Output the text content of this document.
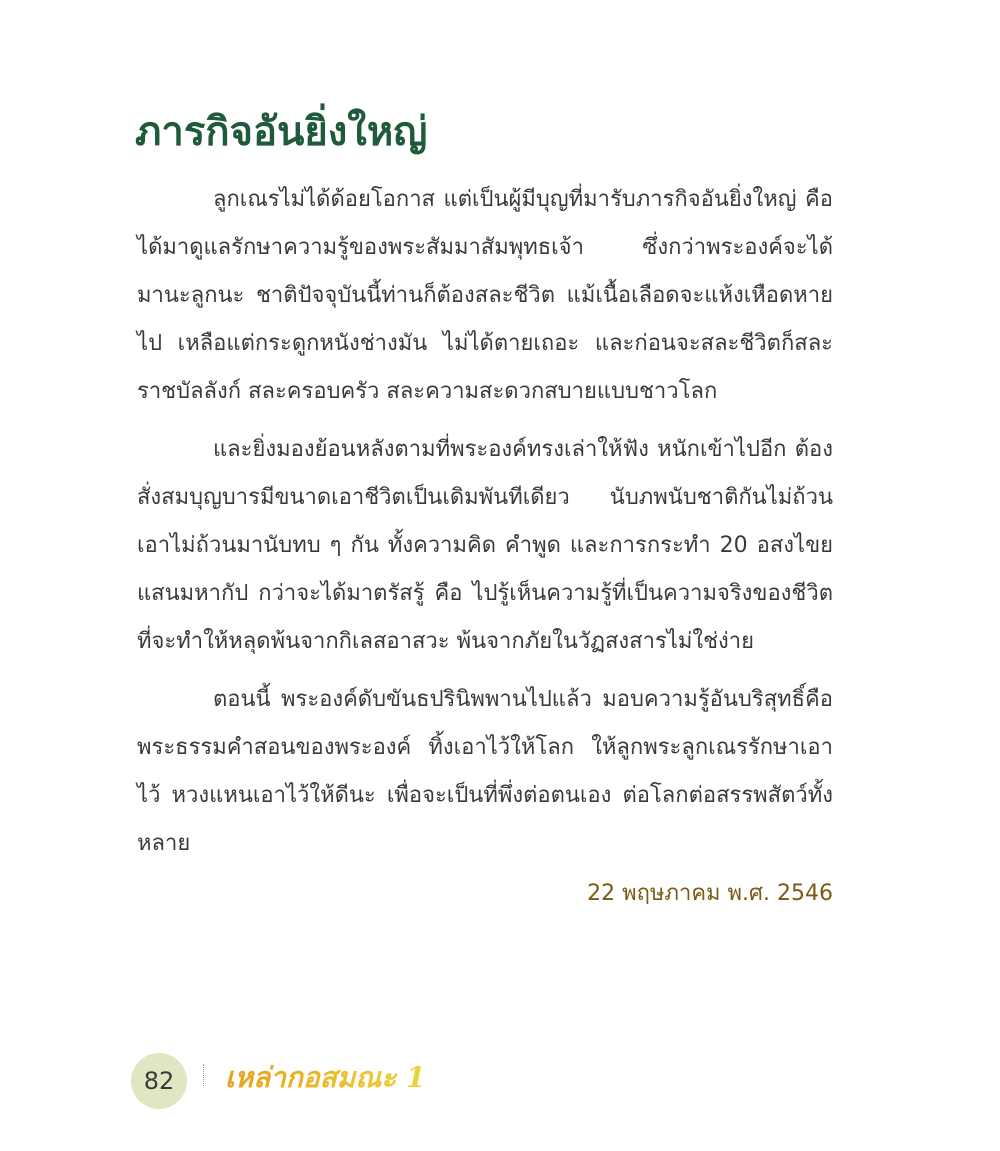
ภารกิจอันยิ่งใหญ่

ลูกเณรไม่ได้ด้อยโอกาส แต่เป็นผู้มีบุญที่มารับภารกิจอันยิ่งใหญ่ คือ ได้มาดูแลรักษาความรู้ของพระสัมมาสัมพุทธเจ้า ซึ่งกว่าพระองค์จะได้มานะลูกนะ ชาติปัจจุบันนี้ท่านก็ต้องสละชีวิต แม้เนื้อเลือดจะแห้งเหือดหายไป เหลือแต่กระดูกหนังช่างมัน ไม่ได้ตายเถอะ และก่อนจะสละชีวิตก็สละราชบัลลังก์ สละครอบครัว สละความสะดวกสบายแบบชาวโลก

และยิ่งมองย้อนหลังตามที่พระองค์ทรงเล่าให้ฟัง หนักเข้าไปอีก ต้องสั่งสมบุญบารมีขนาดเอาชีวิตเป็นเดิมพันทีเดียว นับภพนับชาติกันไม่ถ้วนเอาไม่ถ้วนมานับทบ ๆ กัน ทั้งความคิด คำพูด และการกระทำ 20 อสงไขยแสนมหากัป กว่าจะได้มาตรัสรู้ คือ ไปรู้เห็นความรู้ที่เป็นความจริงของชีวิตที่จะทำให้หลุดพ้นจากกิเลสอาสวะ พ้นจากภัยในวัฏสงสารไม่ใช่ง่าย

ตอนนี้ พระองค์ดับขันธปรินิพพานไปแล้ว มอบความรู้อันบริสุทธิ์คือ พระธรรมคำสอนของพระองค์ ทิ้งเอาไว้ให้โลก ให้ลูกพระลูกเณรรักษาเอาไว้ หวงแหนเอาไว้ให้ดีนะ เพื่อจะเป็นที่พึ่งต่อตนเอง ต่อโลกต่อสรรพสัตว์ทั้งหลาย

22 พฤษภาคม พ.ศ. 2546
82	เหล่ากอสมณะ 1
